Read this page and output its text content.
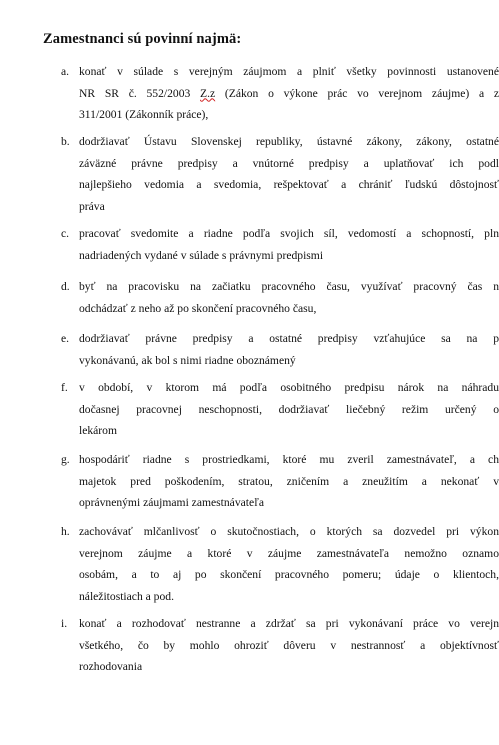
Zamestnanci sú povinní najmä:
a. konať v súlade s verejným záujmom a plniť všetky povinnosti ustanovené
NR SR č. 552/2003 Z.z (Zákon o výkone prác vo verejnom záujme) a z
311/2001 (Zákonník práce),
b. dodržiavať Ústavu Slovenskej republiky, ústavné zákony, zákony, ostatné
záväzné právne predpisy a vnútorné predpisy a uplatňovať ich podl
najlepšieho vedomia a svedomia, rešpektovať a chrániť ľudskú dôstojnosť
práva
c. pracovať svedomite a riadne podľa svojich síl, vedomostí a schopností, pln
nadriadených vydané v súlade s právnymi predpismi
d. byť na pracovisku na začiatku pracovného času, využívať pracovný čas n
odchádzať z neho až po skončení pracovného času,
e. dodržiavať právne predpisy a ostatné predpisy vzťahujúce sa na p
vykonávanú, ak bol s nimi riadne oboznámený
f. v období, v ktorom má podľa osobitného predpisu nárok na náhradu
dočasnej pracovnej neschopnosti, dodržiavať liečebný režim určený o
lekárom
g. hospodáriť riadne s prostriedkami, ktoré mu zveril zamestnávateľ, a ch
majetok pred poškodením, stratou, zničením a zneužitím a nekonať v
oprávnenými záujmami zamestnávateľa
h. zachovávať mlčanlivosť o skutočnostiach, o ktorých sa dozvedel pri výkon
verejnom záujme a ktoré v záujme zamestnávateľa nemožno oznamo
osobám, a to aj po skončení pracovného pomeru; údaje o klientoch,
náležitostiach a pod.
i. konať a rozhodovať nestranne a zdržať sa pri vykonávaní práce vo verejn
všetkého, čo by mohlo ohroziť dôveru v nestrannosť a objektívnosť
rozhodovania
